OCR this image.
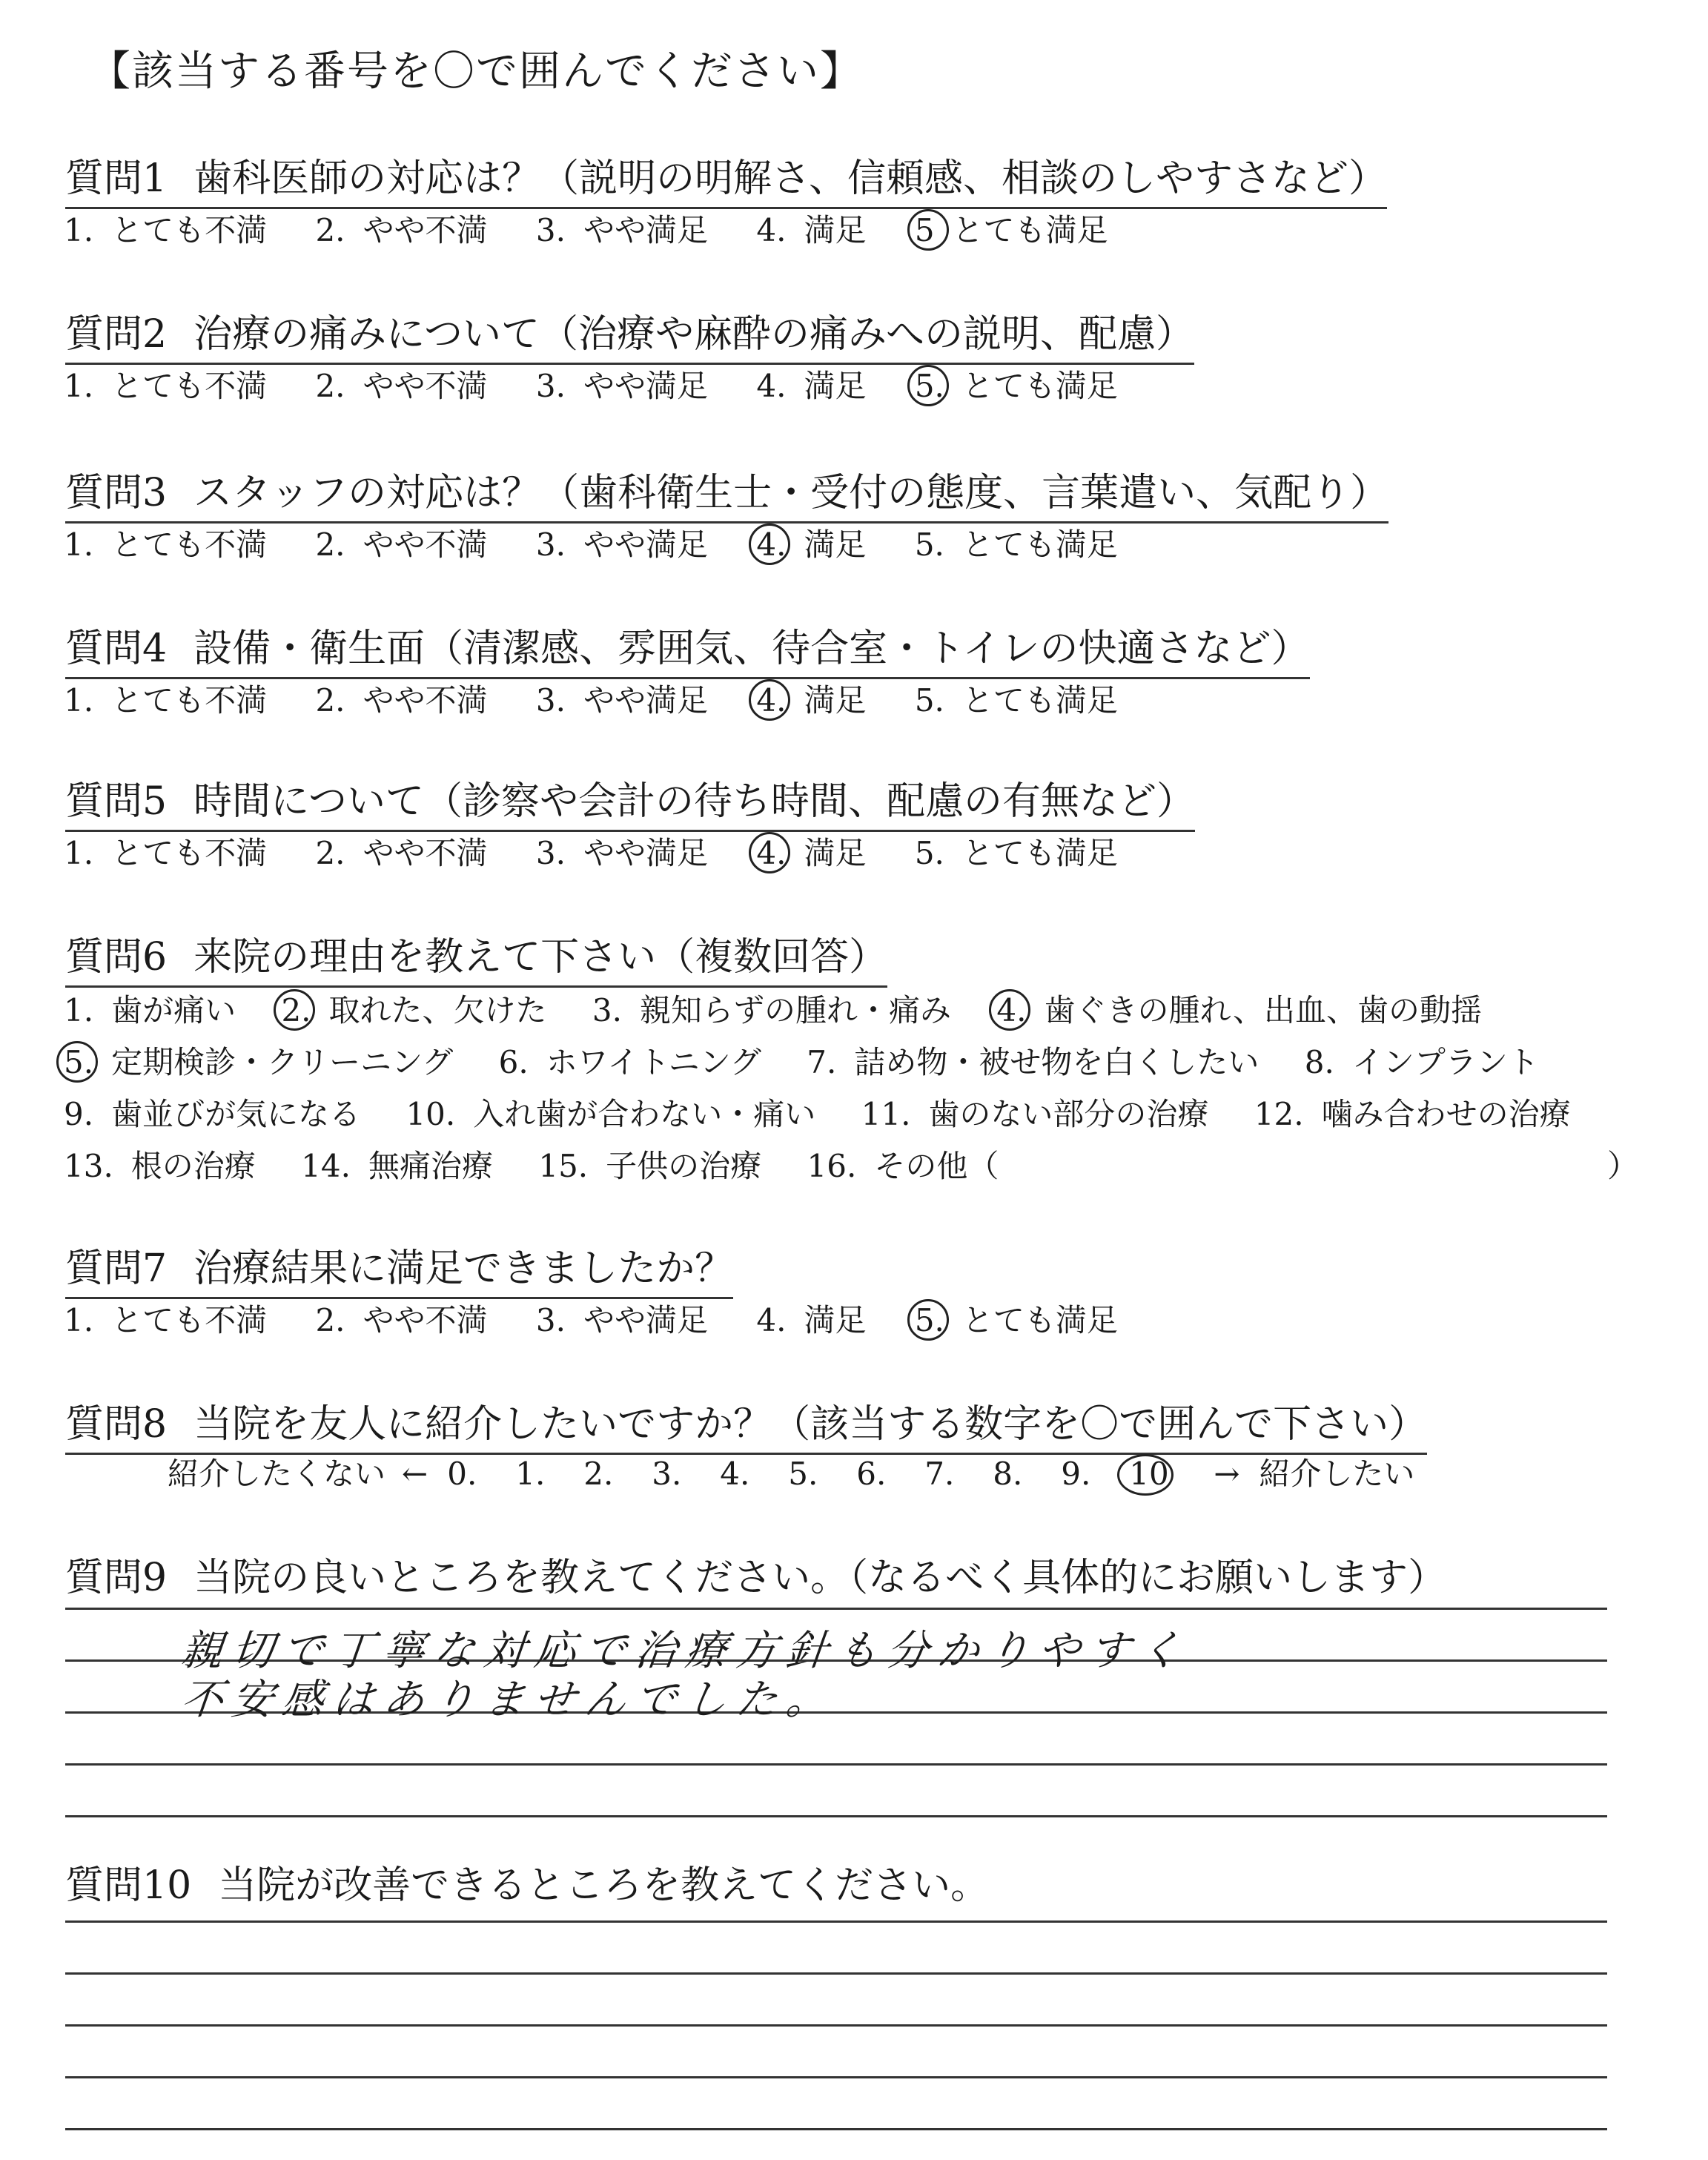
【該当する番号を〇で囲んでください】
質問1 歯科医師の対応は？（説明の明解さ、信頼感、相談のしやすさなど）
1. とても不満 2. やや不満 3. やや満足 4. 満足 5 とても満足
質問2 治療の痛みについて（治療や麻酔の痛みへの説明、配慮）
1. とても不満 2. やや不満 3. やや満足 4. 満足 5. とても満足
質問3 スタッフの対応は？（歯科衛生士・受付の態度、言葉遣い、気配り）
1. とても不満 2. やや不満 3. やや満足 4. 満足 5. とても満足
質問4 設備・衛生面（清潔感、雰囲気、待合室・トイレの快適さなど）
1. とても不満 2. やや不満 3. やや満足 4. 満足 5. とても満足
質問5 時間について（診察や会計の待ち時間、配慮の有無など）
1. とても不満 2. やや不満 3. やや満足 4. 満足 5. とても満足
質問6 来院の理由を教えて下さい（複数回答）
1. 歯が痛い 2. 取れた、欠けた 3. 親知らずの腫れ・痛み 4. 歯ぐきの腫れ、出血、歯の動揺
5. 定期検診・クリーニング 6. ホワイトニング 7. 詰め物・被せ物を白くしたい 8. インプラント
9. 歯並びが気になる 10. 入れ歯が合わない・痛い 11. 歯のない部分の治療 12. 噛み合わせの治療
13. 根の治療 14. 無痛治療 15. 子供の治療 16. その他（	）
質問7 治療結果に満足できましたか？
1. とても不満 2. やや不満 3. やや満足 4. 満足 5. とても満足
質問8 当院を友人に紹介したいですか？（該当する数字を〇で囲んで下さい）
紹介したくない ← 0. 1. 2. 3. 4. 5. 6. 7. 8. 9. 10 → 紹介したい
質問9 当院の良いところを教えてください。（なるべく具体的にお願いします）
親切で丁寧な対応で治療方針も分かりやすく
不安感はありませんでした。
質問10 当院が改善できるところを教えてください。
